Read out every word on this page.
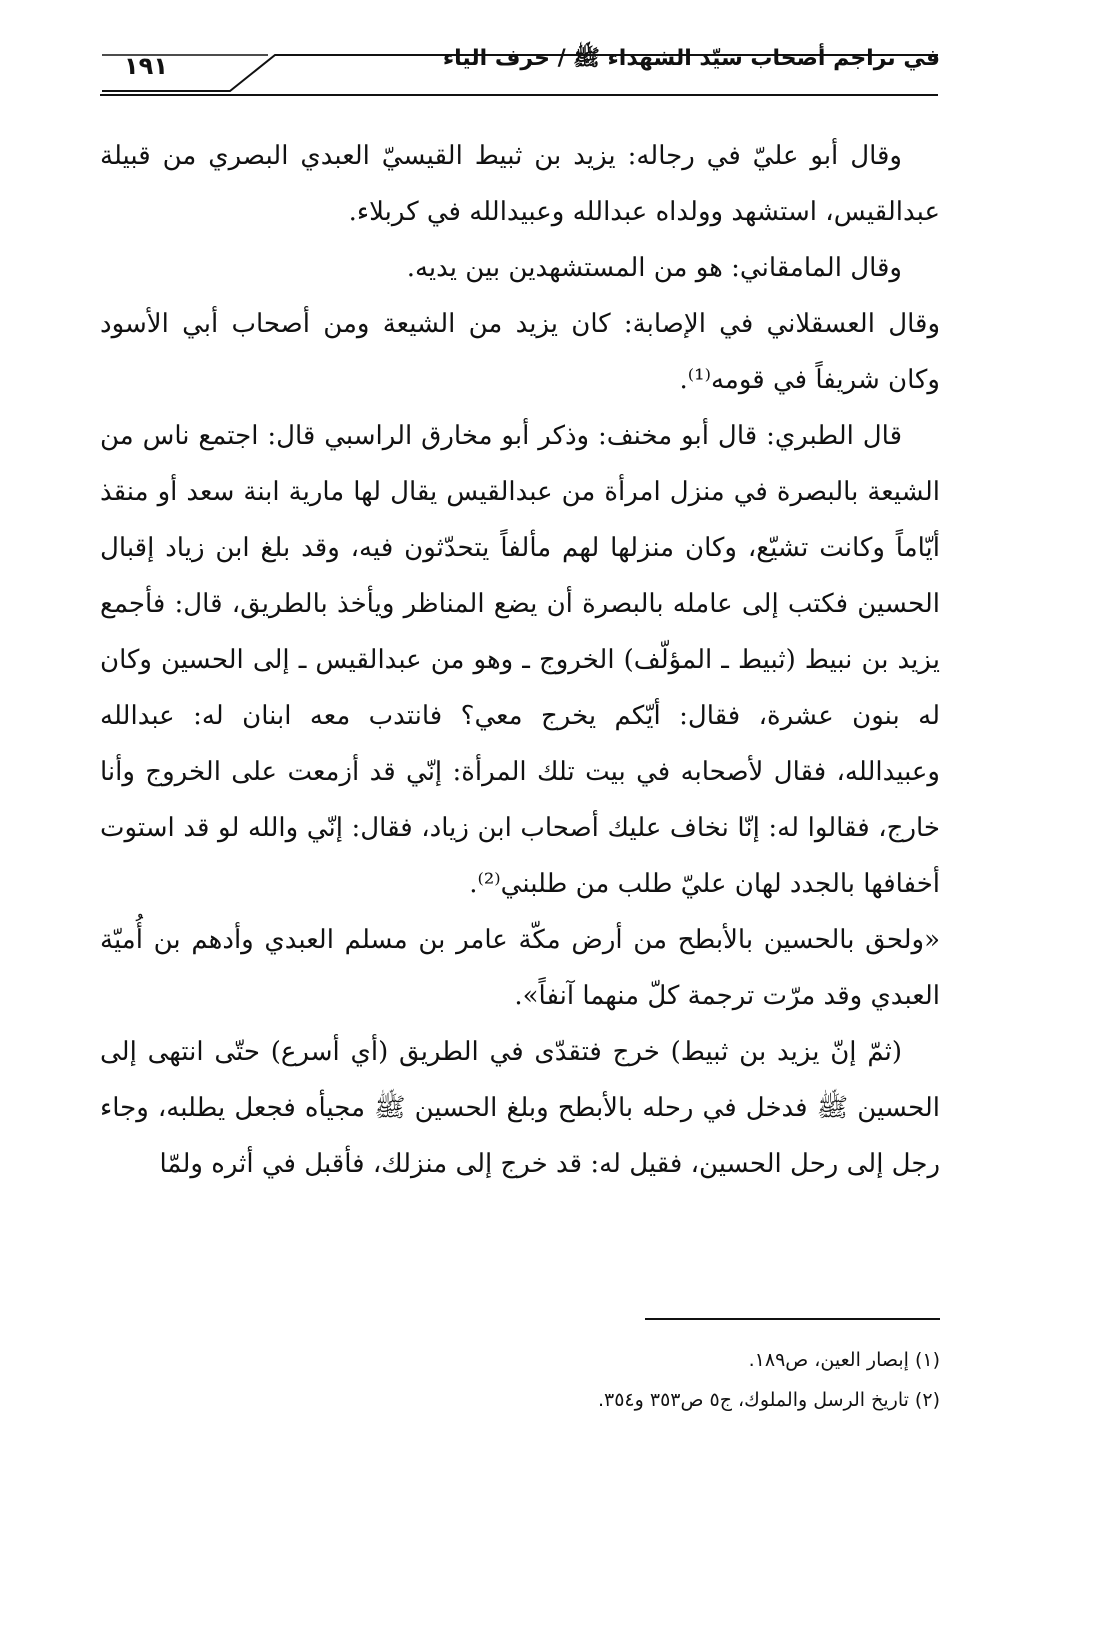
في تراجم أصحاب سيّد الشهداء ﷺ / حرف الياء
١٩١

وقال أبو عليّ في رجاله: يزيد بن ثبيط القيسيّ العبدي البصري من قبيلة عبدالقيس، استشهد وولداه عبدالله وعبيدالله في كربلاء.

وقال المامقاني: هو من المستشهدين بين يديه.

وقال العسقلاني في الإصابة: كان يزيد من الشيعة ومن أصحاب أبي الأسود وكان شريفاً في قومه⁽¹⁾.

قال الطبري: قال أبو مخنف: وذكر أبو مخارق الراسبي قال: اجتمع ناس من الشيعة بالبصرة في منزل امرأة من عبدالقيس يقال لها مارية ابنة سعد أو منقذ أيّاماً وكانت تشيّع، وكان منزلها لهم مألفاً يتحدّثون فيه، وقد بلغ ابن زياد إقبال الحسين فكتب إلى عامله بالبصرة أن يضع المناظر ويأخذ بالطريق، قال: فأجمع يزيد بن نبيط (ثبيط ـ المؤلّف) الخروج ـ وهو من عبدالقيس ـ إلى الحسين وكان له بنون عشرة، فقال: أيّكم يخرج معي؟ فانتدب معه ابنان له: عبدالله وعبيدالله، فقال لأصحابه في بيت تلك المرأة: إنّي قد أزمعت على الخروج وأنا خارج، فقالوا له: إنّا نخاف عليك أصحاب ابن زياد، فقال: إنّي والله لو قد استوت أخفافها بالجدد لهان عليّ طلب من طلبني⁽²⁾.

«ولحق بالحسين بالأبطح من أرض مكّة عامر بن مسلم العبدي وأدهم بن أُميّة العبدي وقد مرّت ترجمة كلّ منهما آنفاً».

(ثمّ إنّ يزيد بن ثبيط) خرج فتقدّى في الطريق (أي أسرع) حتّى انتهى إلى الحسين ﷺ فدخل في رحله بالأبطح وبلغ الحسين ﷺ مجيأه فجعل يطلبه، وجاء رجل إلى رحل الحسين، فقيل له: قد خرج إلى منزلك، فأقبل في أثره ولمّا

(١) إبصار العين، ص١٨٩.
(٢) تاريخ الرسل والملوك، ج٥ ص٣٥٣ و٣٥٤.
